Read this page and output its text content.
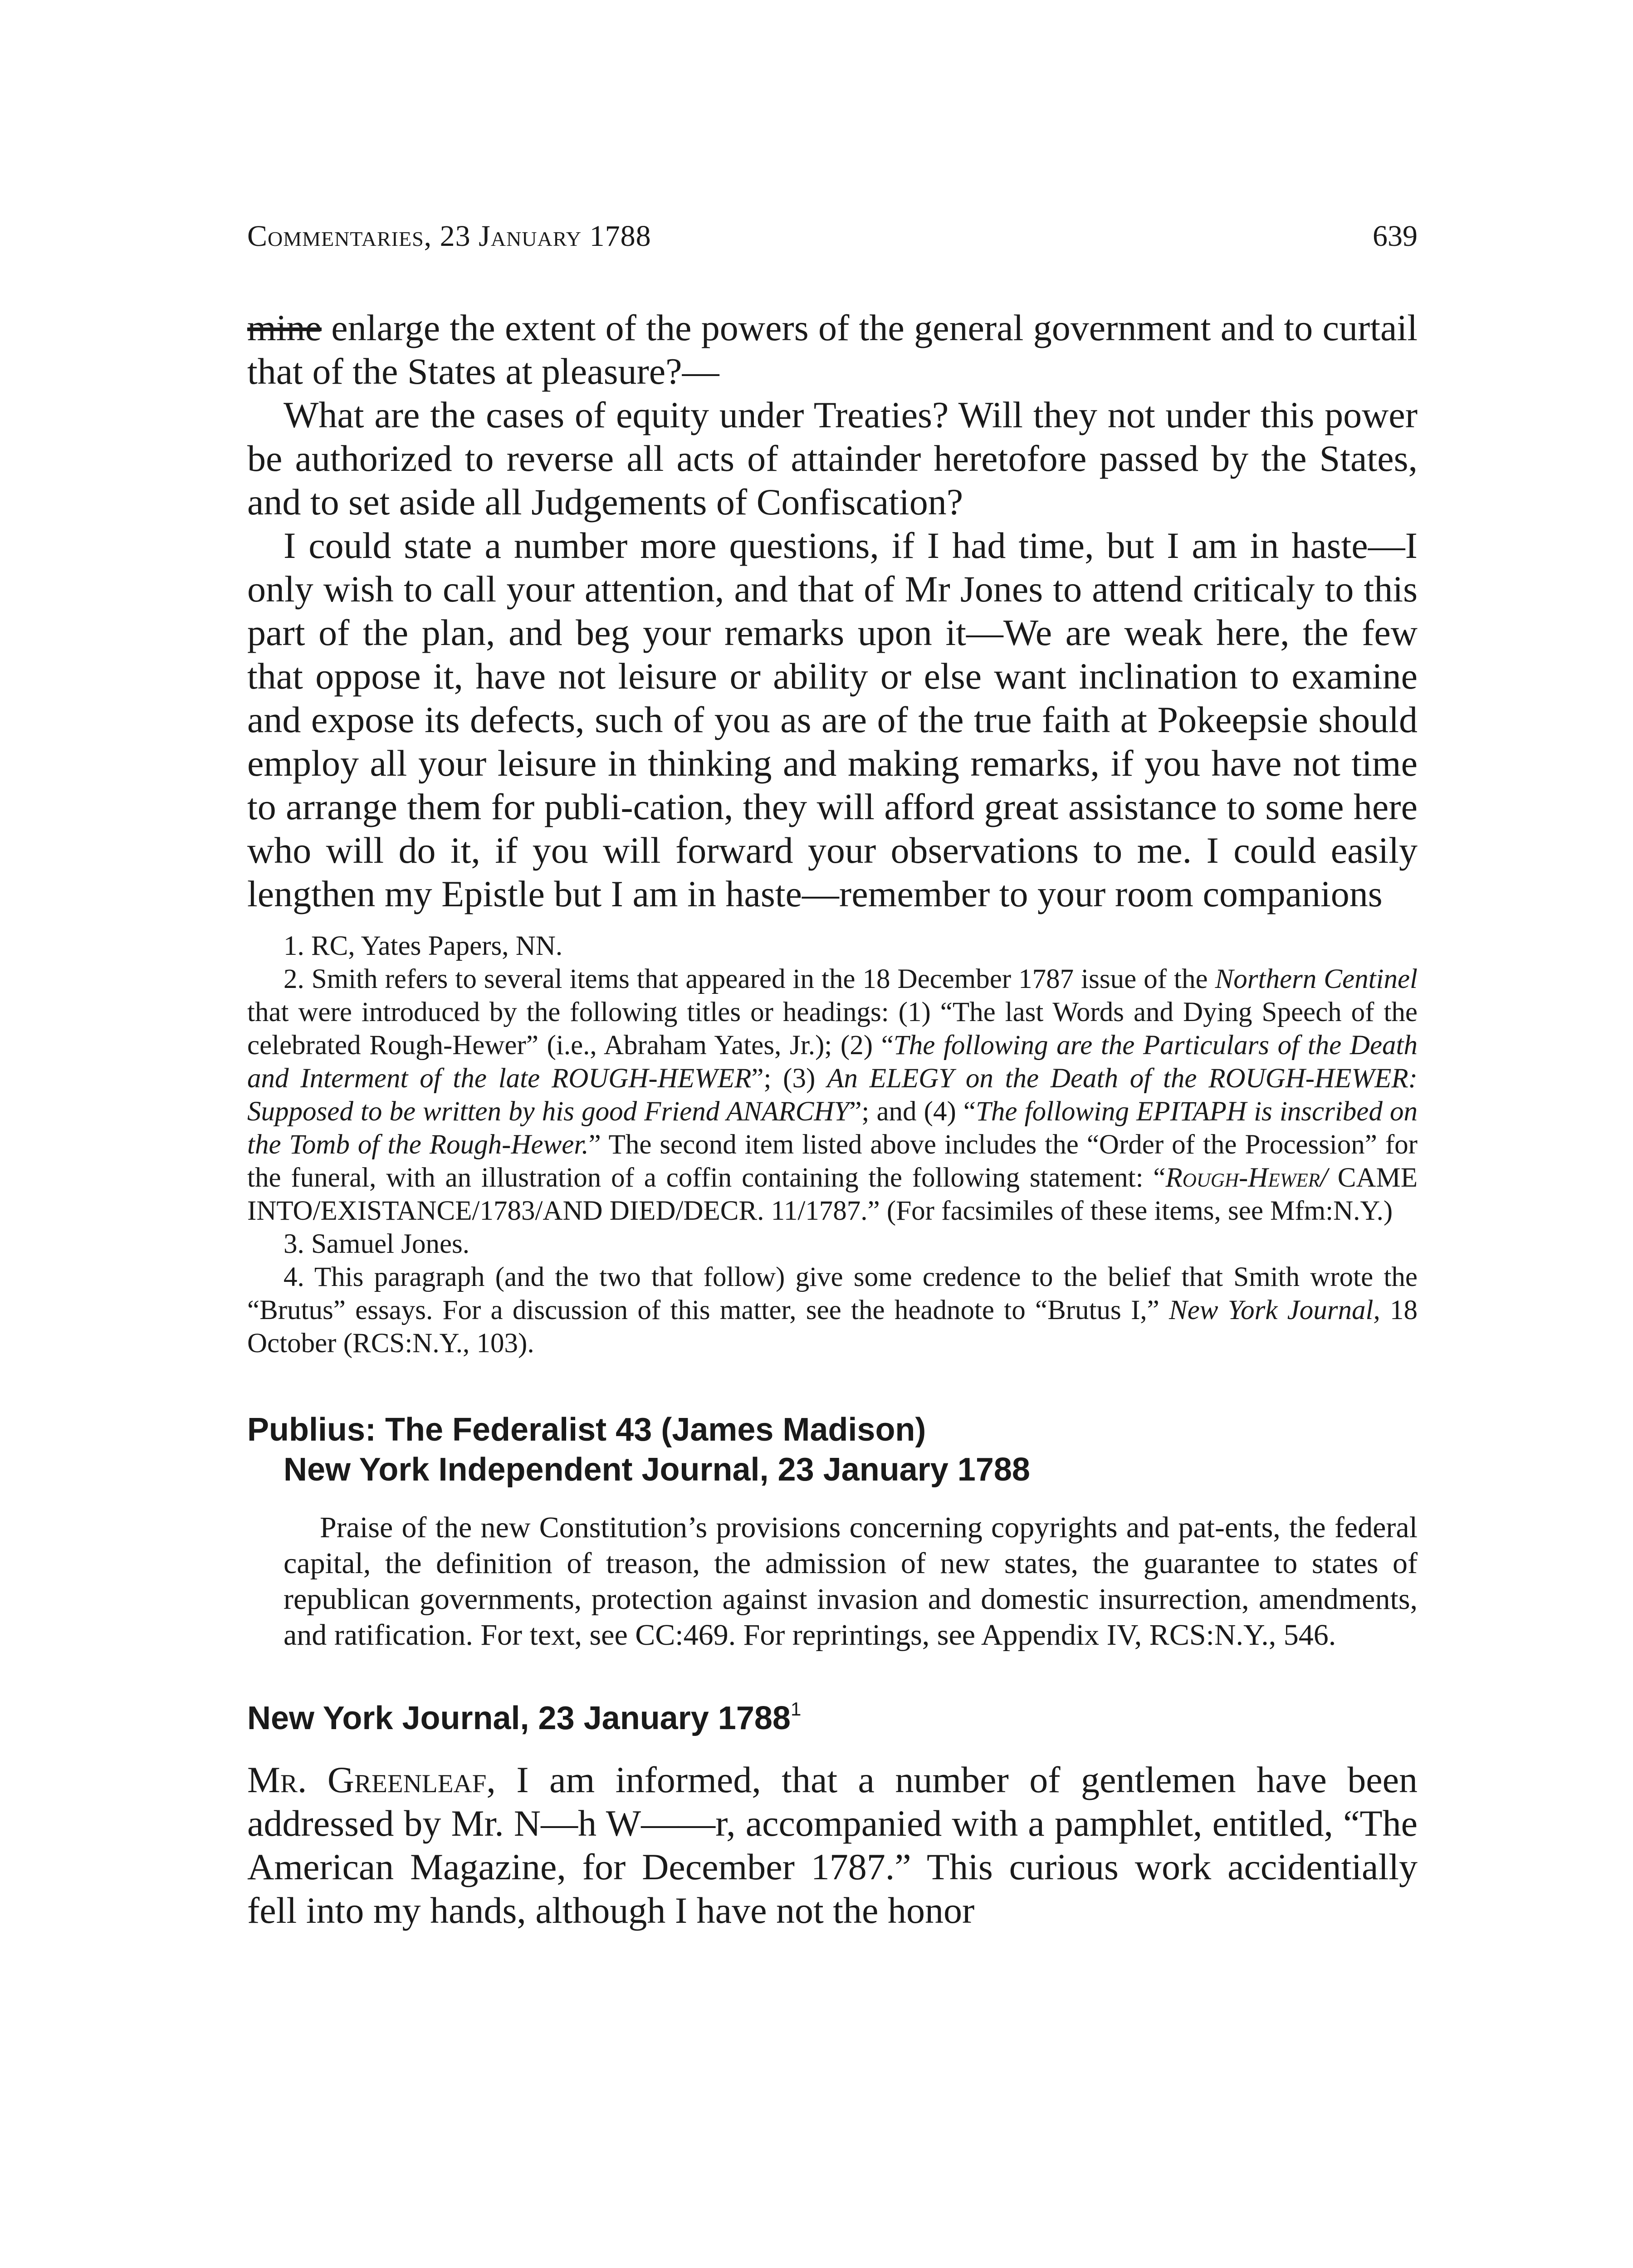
Commentaries, 23 January 1788	639

mine enlarge the extent of the powers of the general government and to curtail that of the States at pleasure?—

What are the cases of equity under Treaties? Will they not under this power be authorized to reverse all acts of attainder heretofore passed by the States, and to set aside all Judgements of Confiscation?

I could state a number more questions, if I had time, but I am in haste—I only wish to call your attention, and that of Mr Jones to attend criticaly to this part of the plan, and beg your remarks upon it—We are weak here, the few that oppose it, have not leisure or ability or else want inclination to examine and expose its defects, such of you as are of the true faith at Pokeepsie should employ all your leisure in thinking and making remarks, if you have not time to arrange them for publi-cation, they will afford great assistance to some here who will do it, if you will forward your observations to me. I could easily lengthen my Epistle but I am in haste—remember to your room companions

1. RC, Yates Papers, NN.

2. Smith refers to several items that appeared in the 18 December 1787 issue of the Northern Centinel that were introduced by the following titles or headings: (1) “The last Words and Dying Speech of the celebrated Rough-Hewer” (i.e., Abraham Yates, Jr.); (2) “The following are the Particulars of the Death and Interment of the late ROUGH-HEWER”; (3) An ELEGY on the Death of the ROUGH-HEWER: Supposed to be written by his good Friend ANARCHY”; and (4) “The following EPITAPH is inscribed on the Tomb of the Rough-Hewer.” The second item listed above includes the “Order of the Procession” for the funeral, with an illustration of a coffin containing the following statement: “Rough-Hewer/ CAME INTO/EXISTANCE/1783/AND DIED/DECR. 11/1787.” (For facsimiles of these items, see Mfm:N.Y.)

3. Samuel Jones.

4. This paragraph (and the two that follow) give some credence to the belief that Smith wrote the “Brutus” essays. For a discussion of this matter, see the headnote to “Brutus I,” New York Journal, 18 October (RCS:N.Y., 103).

Publius: The Federalist 43 (James Madison)
New York Independent Journal, 23 January 1788

Praise of the new Constitution’s provisions concerning copyrights and pat-ents, the federal capital, the definition of treason, the admission of new states, the guarantee to states of republican governments, protection against invasion and domestic insurrection, amendments, and ratification. For text, see CC:469. For reprintings, see Appendix IV, RCS:N.Y., 546.

New York Journal, 23 January 1788$^1$

Mr. Greenleaf, I am informed, that a number of gentlemen have been addressed by Mr. N—h W——r, accompanied with a pamphlet, entitled, “The American Magazine, for December 1787.” This curious work accidentially fell into my hands, although I have not the honor
